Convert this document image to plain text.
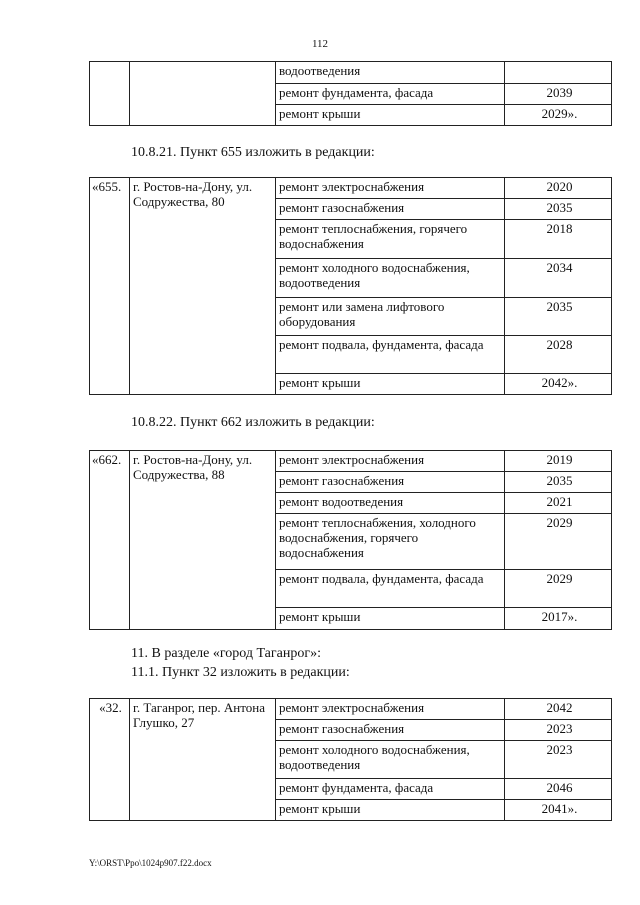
112
		водоотведения	
		ремонт фундамента, фасада	2039
		ремонт крыши	2029».
10.8.21. Пункт 655 изложить в редакции:
«655.	г. Ростов-на-Дону, ул. Содружества, 80	ремонт электроснабжения	2020
		ремонт газоснабжения	2035
		ремонт теплоснабжения, горячего водоснабжения	2018
		ремонт холодного водоснабжения, водоотведения	2034
		ремонт или замена лифтового оборудования	2035
		ремонт подвала, фундамента, фасада	2028
		ремонт крыши	2042».
10.8.22. Пункт 662 изложить в редакции:
«662.	г. Ростов-на-Дону, ул. Содружества, 88	ремонт электроснабжения	2019
		ремонт газоснабжения	2035
		ремонт водоотведения	2021
		ремонт теплоснабжения, холодного водоснабжения, горячего водоснабжения	2029
		ремонт подвала, фундамента, фасада	2029
		ремонт крыши	2017».
11. В разделе «город Таганрог»:
11.1. Пункт 32 изложить в редакции:
«32.	г. Таганрог, пер. Антона Глушко, 27	ремонт электроснабжения	2042
		ремонт газоснабжения	2023
		ремонт холодного водоснабжения, водоотведения	2023
		ремонт фундамента, фасада	2046
		ремонт крыши	2041».
Y:\ORST\Ppo\1024p907.f22.docx
